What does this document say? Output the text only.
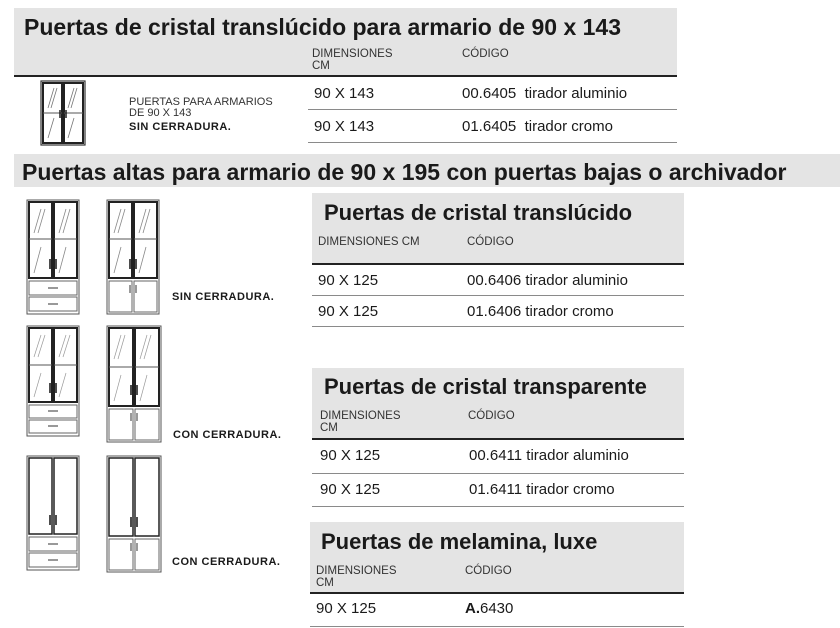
Puertas de cristal translúcido para armario de 90 x 143
DIMENSIONES CM
CÓDIGO
PUERTAS PARA ARMARIOS
DE 90 X 143
SIN CERRADURA.
90 X 143	00.6405 tirador aluminio
90 X 143	01.6405 tirador cromo
Puertas altas para armario de 90 x 195 con puertas bajas o archivador
SIN CERRADURA.
CON CERRADURA.
CON CERRADURA.
Puertas de cristal translúcido
DIMENSIONES CM	CÓDIGO
90 X 125	00.6406 tirador aluminio
90 X 125	01.6406 tirador cromo
Puertas de cristal transparente
DIMENSIONES CM
CÓDIGO
90 X 125	00.6411 tirador aluminio
90 X 125	01.6411 tirador cromo
Puertas de melamina, luxe
DIMENSIONES CM
CÓDIGO
90 X 125	A.6430
